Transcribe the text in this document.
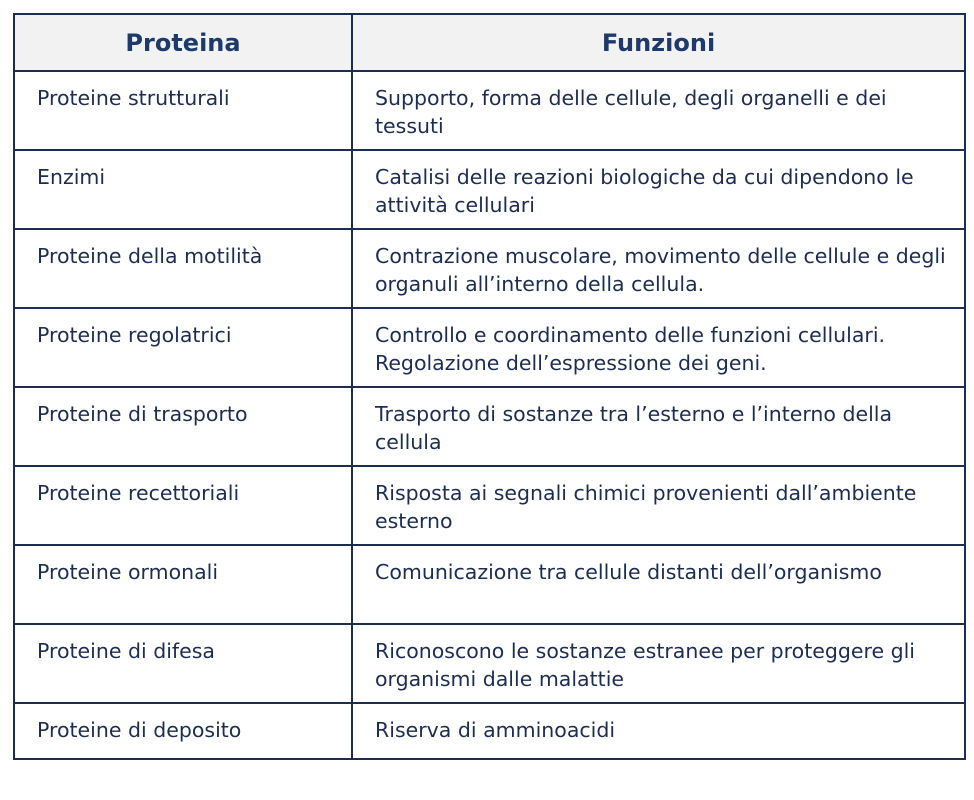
Proteina	Funzioni
Proteine strutturali	Supporto, forma delle cellule, degli organelli e dei tessuti
Enzimi	Catalisi delle reazioni biologiche da cui dipendono le attività cellulari
Proteine della motilità	Contrazione muscolare, movimento delle cellule e degli organuli all’interno della cellula.
Proteine regolatrici	Controllo e coordinamento delle funzioni cellulari. Regolazione dell’espressione dei geni.
Proteine di trasporto	Trasporto di sostanze tra l’esterno e l’interno della cellula
Proteine recettoriali	Risposta ai segnali chimici provenienti dall’ambiente esterno
Proteine ormonali	Comunicazione tra cellule distanti dell’organismo
Proteine di difesa	Riconoscono le sostanze estranee per proteggere gli organismi dalle malattie
Proteine di deposito	Riserva di amminoacidi
